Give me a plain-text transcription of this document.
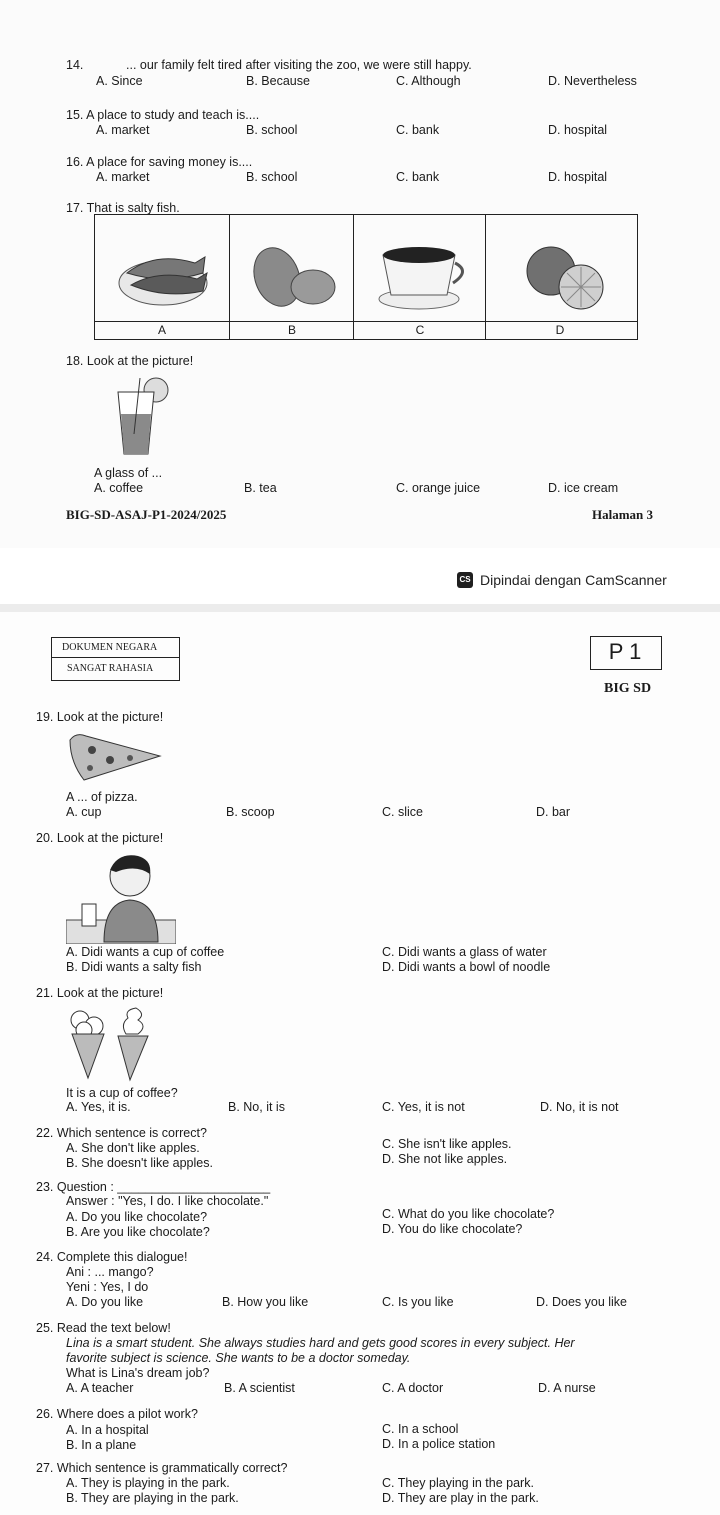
14.	... our family felt tired after visiting the zoo, we were still happy.
A. Since	B. Because	C. Although	D. Nevertheless
15. A place to study and teach is....
A. market	B. school	C. bank	D. hospital
16. A place for saving money is....
A. market	B. school	C. bank	D. hospital
17. That is salty fish.
A	B	C	D
18. Look at the picture!
A glass of ...
A. coffee	B. tea	C. orange juice	D. ice cream
BIG-SD-ASAJ-P1-2024/2025	Halaman 3
CS Dipindai dengan CamScanner
DOKUMEN NEGARA
SANGAT RAHASIA
P 1
BIG SD
19. Look at the picture!
A ... of pizza.
A. cup	B. scoop	C. slice	D. bar
20. Look at the picture!
A. Didi wants a cup of coffee
B. Didi wants a salty fish
C. Didi wants a glass of water
D. Didi wants a bowl of noodle
21. Look at the picture!
It is a cup of coffee?
A. Yes, it is.	B. No, it is	C. Yes, it is not	D. No, it is not
22. Which sentence is correct?
A. She don't like apples.
B. She doesn't like apples.
C. She isn't like apples.
D. She not like apples.
23. Question : ______________________
Answer : "Yes, I do. I like chocolate."
A. Do you like chocolate?
B. Are you like chocolate?
C. What do you like chocolate?
D. You do like chocolate?
24. Complete this dialogue!
Ani : ... mango?
Yeni : Yes, I do
A. Do you like	B. How you like	C. Is you like	D. Does you like
25. Read the text below!
Lina is a smart student. She always studies hard and gets good scores in every subject. Her
favorite subject is science. She wants to be a doctor someday.
What is Lina's dream job?
A. A teacher	B. A scientist	C. A doctor	D. A nurse
26. Where does a pilot work?
A. In a hospital
B. In a plane
C. In a school
D. In a police station
27. Which sentence is grammatically correct?
A. They is playing in the park.
B. They are playing in the park.
C. They playing in the park.
D. They are play in the park.
